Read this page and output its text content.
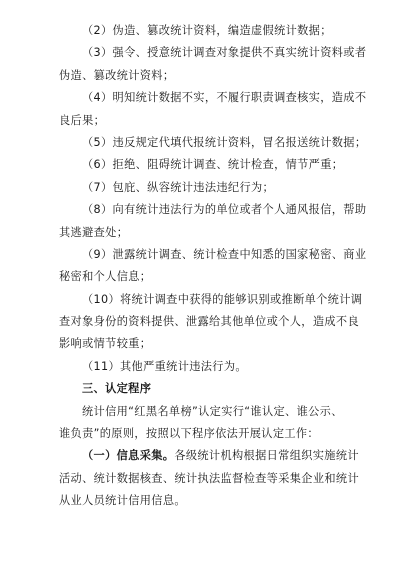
（2）伪造、篡改统计资料，编造虚假统计数据；
（3）强令、授意统计调查对象提供不真实统计资料或者
伪造、篡改统计资料；
（4）明知统计数据不实，不履行职责调查核实，造成不
良后果；
（5）违反规定代填代报统计资料，冒名报送统计数据；
（6）拒绝、阻碍统计调查、统计检查，情节严重；
（7）包庇、纵容统计违法违纪行为；
（8）向有统计违法行为的单位或者个人通风报信，帮助
其逃避查处；
（9）泄露统计调查、统计检查中知悉的国家秘密、商业
秘密和个人信息；
（10）将统计调查中获得的能够识别或推断单个统计调
查对象身份的资料提供、泄露给其他单位或个人，造成不良
影响或情节较重；
（11）其他严重统计违法行为。
三、认定程序
统计信用“红黑名单榜”认定实行“谁认定、谁公示、
谁负责”的原则，按照以下程序依法开展认定工作：
（一）信息采集。各级统计机构根据日常组织实施统计
活动、统计数据核查、统计执法监督检查等采集企业和统计
从业人员统计信用信息。
